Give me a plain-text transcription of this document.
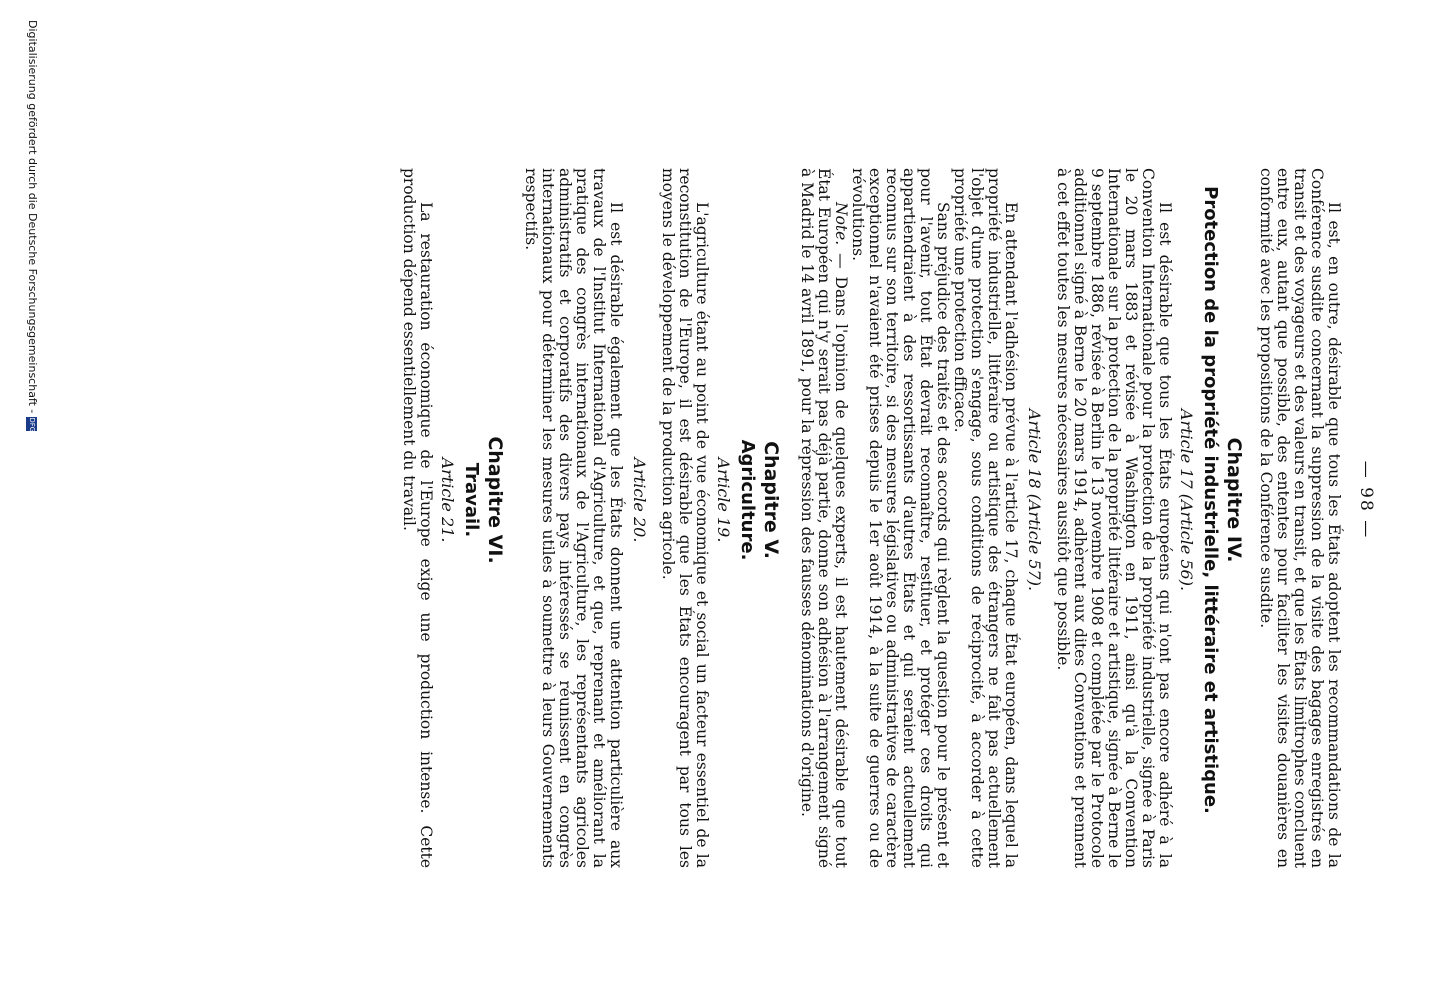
— 98 —

Il est, en outre, désirable que tous les États adoptent les recommandations de la Conférence susdite concernant la suppression de la visite des bagages enregistrés en transit et des voyageurs et des valeurs en transit, et que les États limitrophes concluent entre eux, autant que possible, des ententes pour faciliter les visites douanières en conformité avec les propositions de la Conférence susdite.

Chapitre IV.
Protection de la propriété industrielle, littéraire et artistique.
Article 17 (Article 56).

Il est désirable que tous les États européens qui n'ont pas encore adhéré à la Convention Internationale pour la protection de la propriété industrielle, signée à Paris le 20 mars 1883 et révisée à Washington en 1911, ainsi qu'à la Convention Internationale sur la protection de la propriété littéraire et artistique, signée à Berne le 9 septembre 1886, révisée à Berlin le 13 novembre 1908 et complétée par le Protocole additionnel signé à Berne le 20 mars 1914, adhèrent aux dites Conventions et prennent à cet effet toutes les mesures nécessaires aussitôt que possible.

Article 18 (Article 57).

En attendant l'adhésion prévue à l'article 17, chaque État européen, dans lequel la propriété industrielle, littéraire ou artistique des étrangers ne fait pas actuellement l'objet d'une protection s'engage, sous conditions de réciprocité, à accorder à cette propriété une protection efficace.

Sans préjudice des traités et des accords qui règlent la question pour le présent et pour l'avenir, tout État devrait reconnaître, restituer, et protéger ces droits qui appartiendraient à des ressortissants d'autres États et qui seraient actuellement reconnus sur son territoire, si des mesures législatives ou administratives de caractère exceptionnel n'avaient été prises depuis le 1er août 1914, à la suite de guerres ou de révolutions.

Note. — Dans l'opinion de quelques experts, il est hautement désirable que tout État Européen qui n'y serait pas déjà partie, donne son adhésion à l'arrangement signé à Madrid le 14 avril 1891, pour la répression des fausses dénominations d'origine.

Chapitre V.
Agriculture.
Article 19.

L'agriculture étant au point de vue économique et social un facteur essentiel de la reconstitution de l'Europe, il est désirable que les États encouragent par tous les moyens le développement de la production agricole.

Article 20.

Il est désirable également que les États donnent une attention particulière aux travaux de l'Institut International d'Agriculture, et que, reprenant et améliorant la pratique des congrès internationaux de l'Agriculture, les représentants agricoles administratifs et corporatifs des divers pays intéressés se réunissent en congrès internationaux pour déterminer les mesures utiles à soumettre à leurs Gouvernements respectifs.

Chapitre VI.
Travail.
Article 21.

La restauration économique de l'Europe exige une production intense. Cette production dépend essentiellement du travail.

Digitalisierung gefördert durch die Deutsche Forschungsgemeinschaft -DFG
